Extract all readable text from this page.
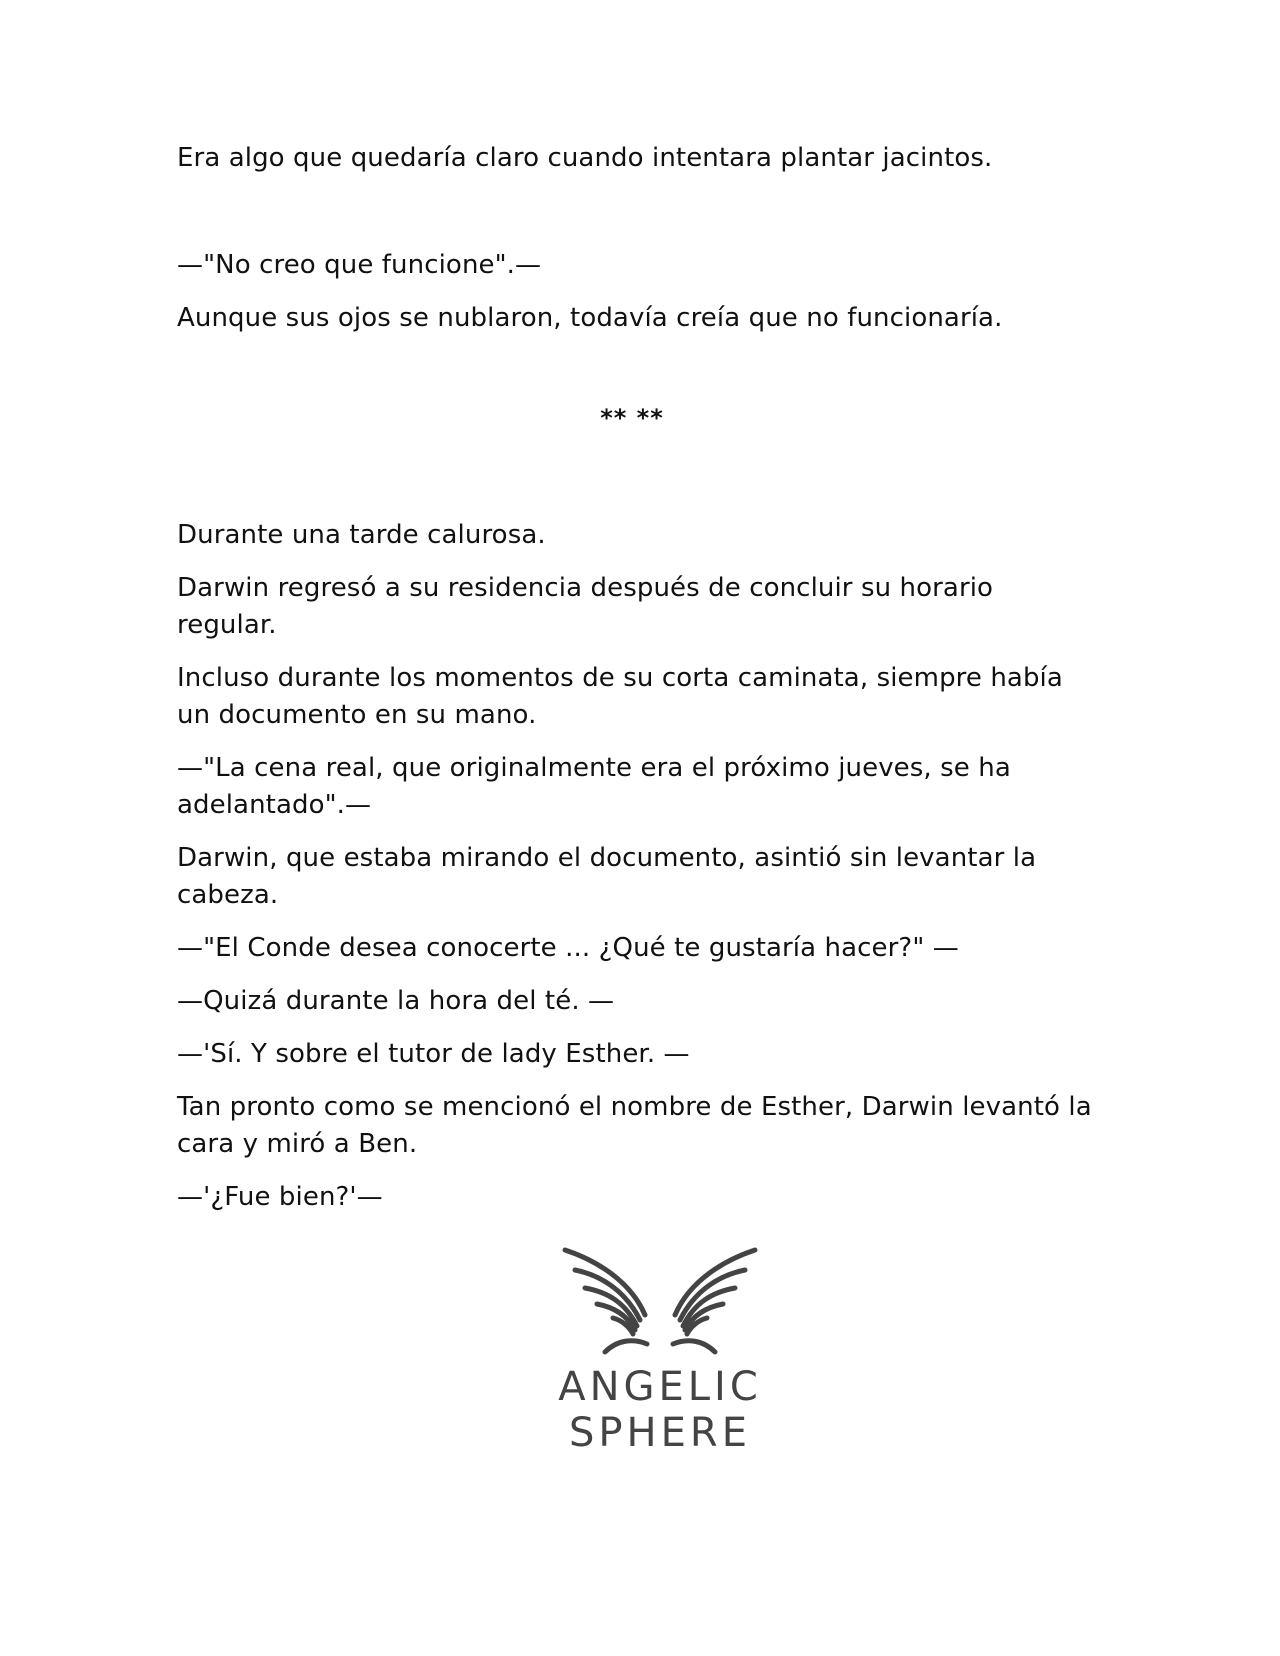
Era algo que quedaría claro cuando intentara plantar jacintos.

—"No creo que funcione".—

Aunque sus ojos se nublaron, todavía creía que no funcionaría.

** **

Durante una tarde calurosa.

Darwin regresó a su residencia después de concluir su horario regular.

Incluso durante los momentos de su corta caminata, siempre había un documento en su mano.

—"La cena real, que originalmente era el próximo jueves, se ha adelantado".—

Darwin, que estaba mirando el documento, asintió sin levantar la cabeza.

—"El Conde desea conocerte ... ¿Qué te gustaría hacer?" —

—Quizá durante la hora del té. —

—'Sí. Y sobre el tutor de lady Esther. —

Tan pronto como se mencionó el nombre de Esther, Darwin levantó la cara y miró a Ben.

—'¿Fue bien?'—

ANGELIC SPHERE
